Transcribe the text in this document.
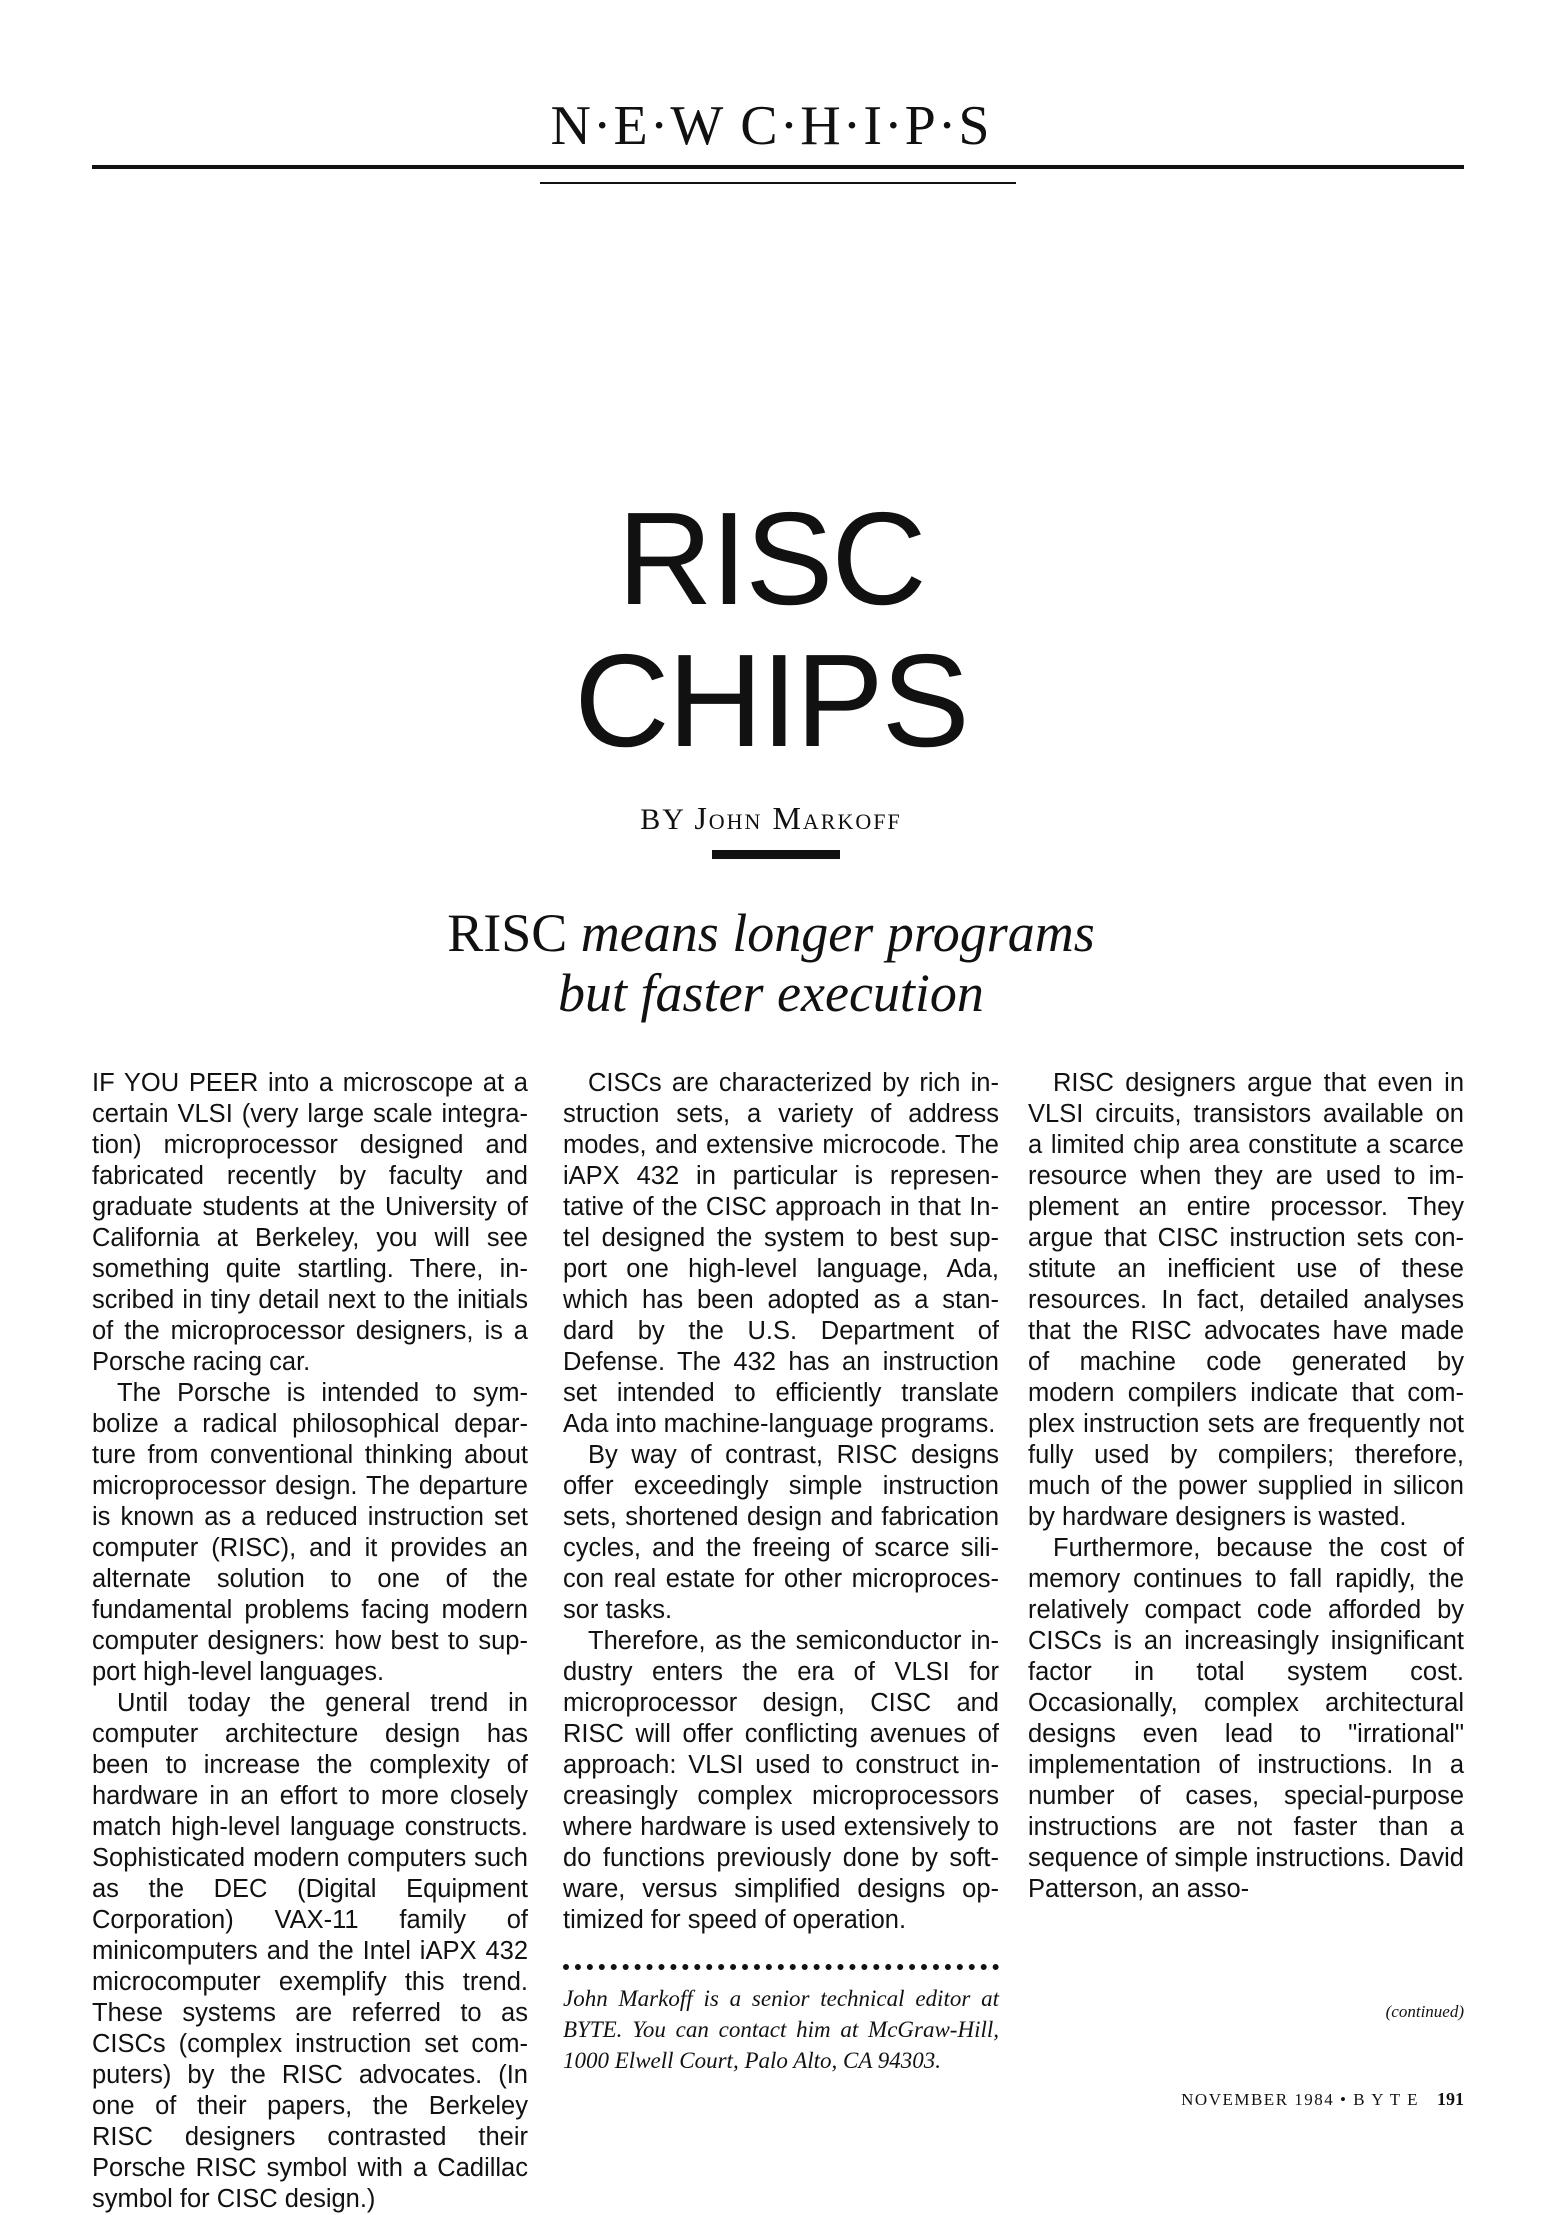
N·E·W C·H·I·P·S
RISC
CHIPS
BY John Markoff
RISC means longer programs
but faster execution

IF YOU PEER into a microscope at a certain VLSI (very large scale integration) microprocessor designed and fabricated recently by faculty and graduate students at the University of California at Berkeley, you will see something quite startling. There, inscribed in tiny detail next to the initials of the microprocessor designers, is a Porsche racing car.

The Porsche is intended to symbolize a radical philosophical departure from conventional thinking about microprocessor design. The departure is known as a reduced instruction set computer (RISC), and it provides an alternate solution to one of the fundamental problems facing modern computer designers: how best to support high-level languages.

Until today the general trend in computer architecture design has been to increase the complexity of hardware in an effort to more closely match high-level language constructs. Sophisticated modern computers such as the DEC (Digital Equipment Corporation) VAX-11 family of minicomputers and the Intel iAPX 432 microcomputer exemplify this trend. These systems are referred to as CISCs (complex instruction set computers) by the RISC advocates. (In one of their papers, the Berkeley RISC designers contrasted their Porsche RISC symbol with a Cadillac symbol for CISC design.)

CISCs are characterized by rich instruction sets, a variety of address modes, and extensive microcode. The iAPX 432 in particular is representative of the CISC approach in that Intel designed the system to best support one high-level language, Ada, which has been adopted as a standard by the U.S. Department of Defense. The 432 has an instruction set intended to efficiently translate Ada into machine-language programs.

By way of contrast, RISC designs offer exceedingly simple instruction sets, shortened design and fabrication cycles, and the freeing of scarce silicon real estate for other microprocessor tasks.

Therefore, as the semiconductor industry enters the era of VLSI for microprocessor design, CISC and RISC will offer conflicting avenues of approach: VLSI used to construct increasingly complex microprocessors where hardware is used extensively to do functions previously done by software, versus simplified designs optimized for speed of operation.

RISC designers argue that even in VLSI circuits, transistors available on a limited chip area constitute a scarce resource when they are used to implement an entire processor. They argue that CISC instruction sets constitute an inefficient use of these resources. In fact, detailed analyses that the RISC advocates have made of machine code generated by modern compilers indicate that complex instruction sets are frequently not fully used by compilers; therefore, much of the power supplied in silicon by hardware designers is wasted.

Furthermore, because the cost of memory continues to fall rapidly, the relatively compact code afforded by CISCs is an increasingly insignificant factor in total system cost. Occasionally, complex architectural designs even lead to "irrational" implementation of instructions. In a number of cases, special-purpose instructions are not faster than a sequence of simple instructions. David Patterson, an asso-

John Markoff is a senior technical editor at BYTE. You can contact him at McGraw-Hill, 1000 Elwell Court, Palo Alto, CA 94303.
(continued)
NOVEMBER 1984 • B Y T E 191
